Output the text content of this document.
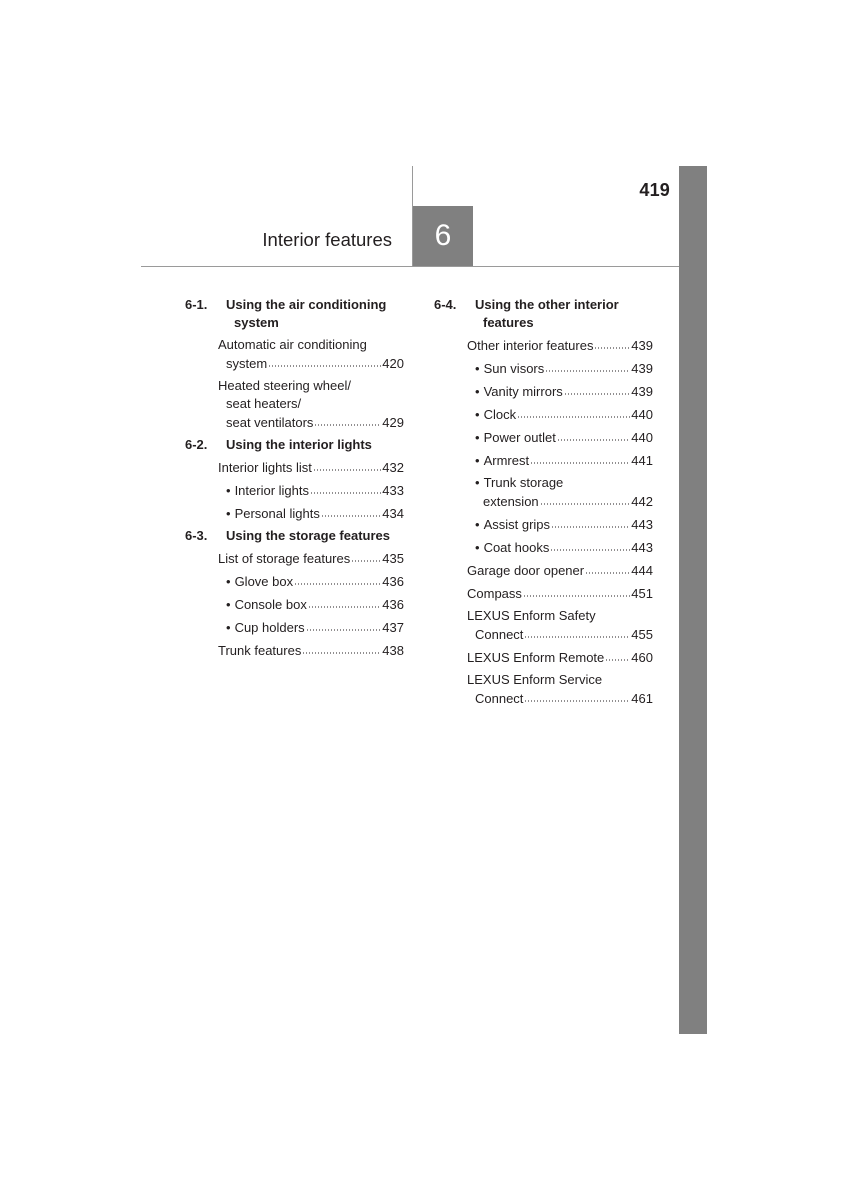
419
Interior features 6
6-1.	Using the air conditioning
system
Automatic air conditioning
system	420
Heated steering wheel/
seat heaters/
seat ventilators	429
6-2.	Using the interior lights
Interior lights list	432
• Interior lights	433
• Personal lights	434
6-3.	Using the storage features
List of storage features 435
• Glove box	436
• Console box	436
• Cup holders	437
Trunk features	438
6-4.	Using the other interior
features
Other interior features	439
• Sun visors	439
• Vanity mirrors	439
• Clock	440
• Power outlet	440
• Armrest	441
• Trunk storage
extension	442
• Assist grips	443
• Coat hooks	443
Garage door opener	444
Compass	451
LEXUS Enform Safety
Connect	455
LEXUS Enform Remote 460
LEXUS Enform Service
Connect	461
